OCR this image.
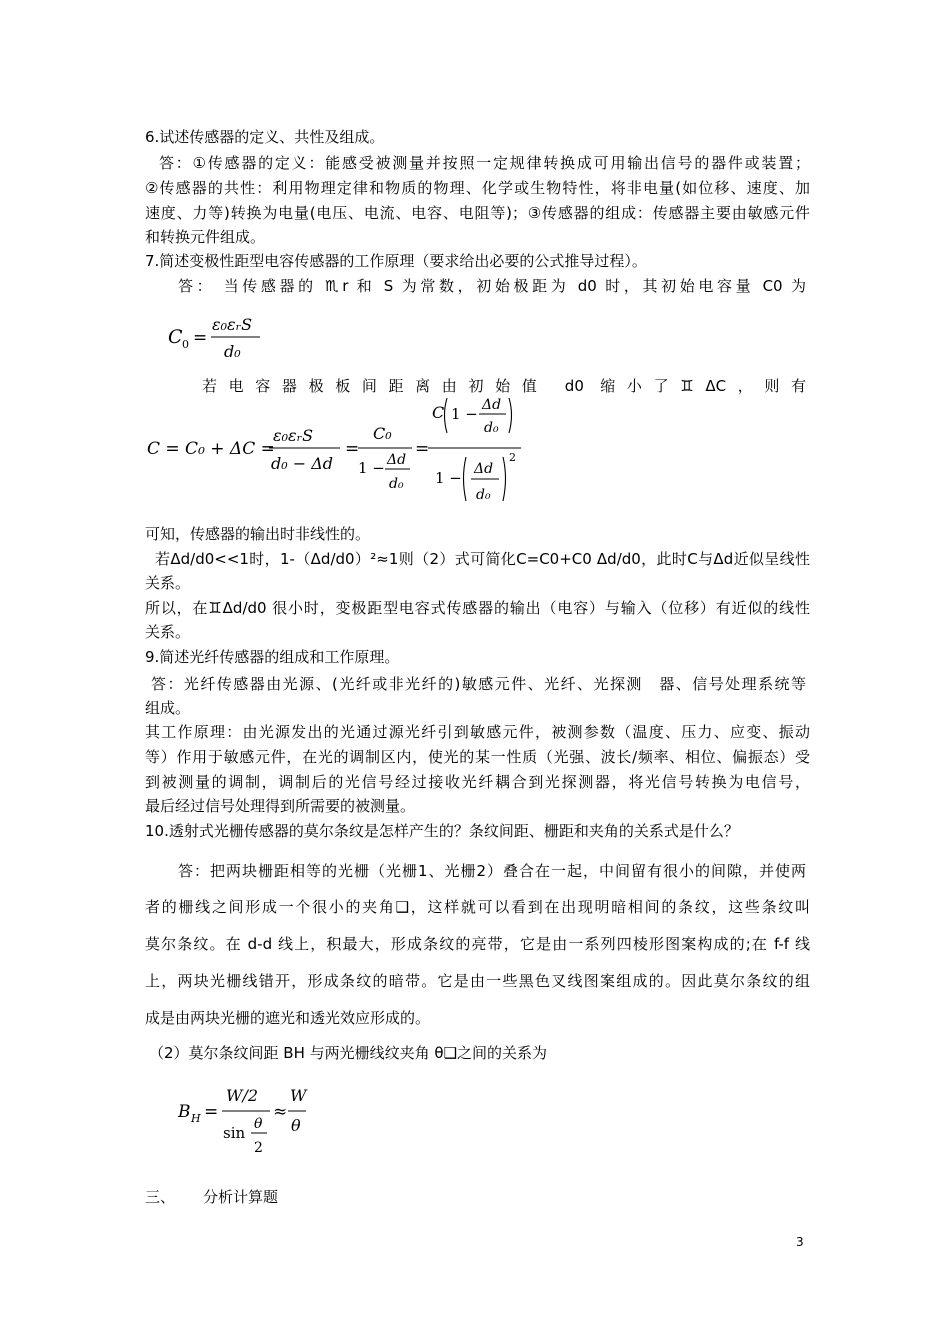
6.试述传感器的定义、共性及组成。
答：①传感器的定义：能感受被测量并按照一定规律转换成可用输出信号的器件或装置；
②传感器的共性：利用物理定律和物质的物理、化学或生物特性，将非电量(如位移、速度、加
速度、力等)转换为电量(电压、电流、电容、电阻等)；③传感器的组成：传感器主要由敏感元件
和转换元件组成。
7.简述变极性距型电容传感器的工作原理（要求给出必要的公式推导过程）。
答： 当传感器的 ♏r 和 S 为常数，初始极距为 d0 时，其初始电容量 C0 为
C 0 =
ε₀εᵣS
d₀
若电容器极板间距离由初始值 d0 缩小了♊ΔC，则有
C = C₀ + ΔC =
ε₀εᵣS
d₀ − Δd
=
C₀
1 − Δd
d₀
=
C 1 − Δd
d₀
1 − Δd
d₀
2
可知，传感器的输出时非线性的。
若Δd/d0<<1时，1-（Δd/d0）²≈1则（2）式可简化C=C0+C0 Δd/d0，此时C与Δd近似呈线性
关系。
所以，在♊Δd/d0 很小时，变极距型电容式传感器的输出（电容）与输入（位移）有近似的线性
关系。
9.简述光纤传感器的组成和工作原理。
答：光纤传感器由光源、(光纤或非光纤的)敏感元件、光纤、光探测　器、信号处理系统等
组成。
其工作原理：由光源发出的光通过源光纤引到敏感元件，被测参数（温度、压力、应变、振动
等）作用于敏感元件，在光的调制区内，使光的某一性质（光强、波长/频率、相位、偏振态）受
到被测量的调制，调制后的光信号经过接收光纤耦合到光探测器，将光信号转换为电信号，
最后经过信号处理得到所需要的被测量。
10.透射式光栅传感器的莫尔条纹是怎样产生的？条纹间距、栅距和夹角的关系式是什么？
答：把两块栅距相等的光栅（光栅1、光栅2）叠合在一起，中间留有很小的间隙，并使两
者的栅线之间形成一个很小的夹角❑，这样就可以看到在出现明暗相间的条纹，这些条纹叫
莫尔条纹。在 d-d 线上，积最大，形成条纹的亮带，它是由一系列四棱形图案构成的;在 f-f 线
上，两块光栅线错开，形成条纹的暗带。它是由一些黑色叉线图案组成的。因此莫尔条纹的组
成是由两块光栅的遮光和透光效应形成的。
（2）莫尔条纹间距 BH 与两光栅线纹夹角 θ❑之间的关系为
B H =
W/2
sin θ
2
≈
W
θ
三、	分析计算题
3
